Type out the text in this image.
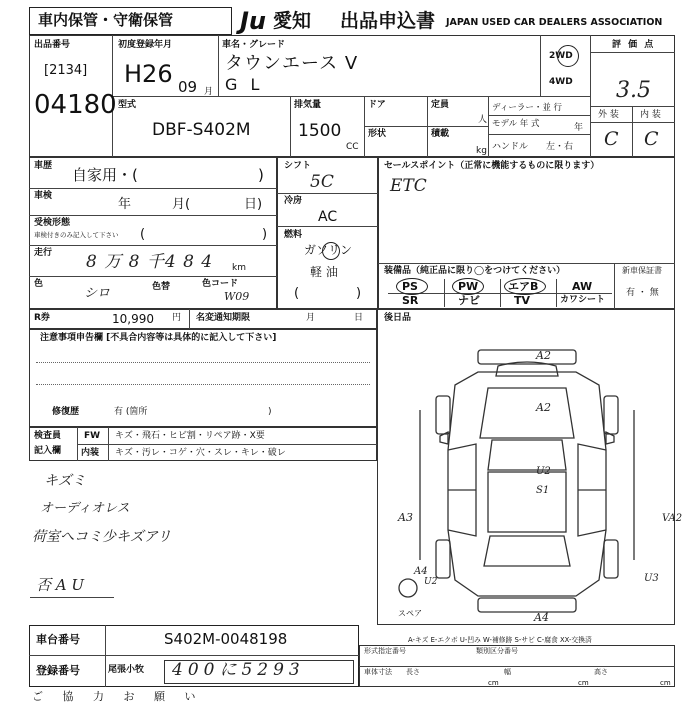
車内保管・守衛保管	Ju 愛知 出品申込書 JAPAN USED CAR DEALERS ASSOCIATION
出品番号
[2134]
04180
初度登録年月
H26 09 月
車名・グレード
タウンエース V
G L
2WD
4WD
評 価 点
3.5
外 装 内 装
C C
型式
DBF-S402M
排気量
1500
CC
ドア
形状
定員
人
積載
kg
ディーラー・並 行
モデル 年 式	年
ハンドル 左・右
車歴 自家用・(	)
車検
年	月(	日)
受検形態
車検付きのみ記入して下さい (	)
走行 8 万 8 千4 8 4 km
色
シロ	色替	色コード
W09
シフト
5C
冷房
AC
燃料
ガソリン
軽 油
(	)
セールスポイント（正常に機能するものに限ります）
ETC
装備品（純正品に限り◯をつけてください）
PS	PW	エアB	AW
SR	ナビ	TV	カワシート
新車保証書
有 ・ 無
R券	10,990 円 名変通知期限	月	日
注意事項申告欄 [不具合内容等は具体的に記入して下さい]
修復歴	有 (箇所	)
検査員
記入欄
FW キズ・飛石・ヒビ割・リペア跡・X要
内装 キズ・汚レ・コゲ・穴・スレ・キレ・破レ
キズミ
オーディオレス
荷室へコミ少キズアリ
否 A U
後日品
A2
A2
U2
S1
A3	VA2
A4
U2	U3
A4
スペア
A-キズ E-エクボ U-凹み W-補修跡 S-サビ C-腐食 XX-交換済
車台番号	S402M-0048198
登録番号	尾張小牧 400に5293
形式指定番号	類別区分番号
車体寸法 長さ
cm
幅
cm
高さ
cm
ご 協 力 お 願 い
